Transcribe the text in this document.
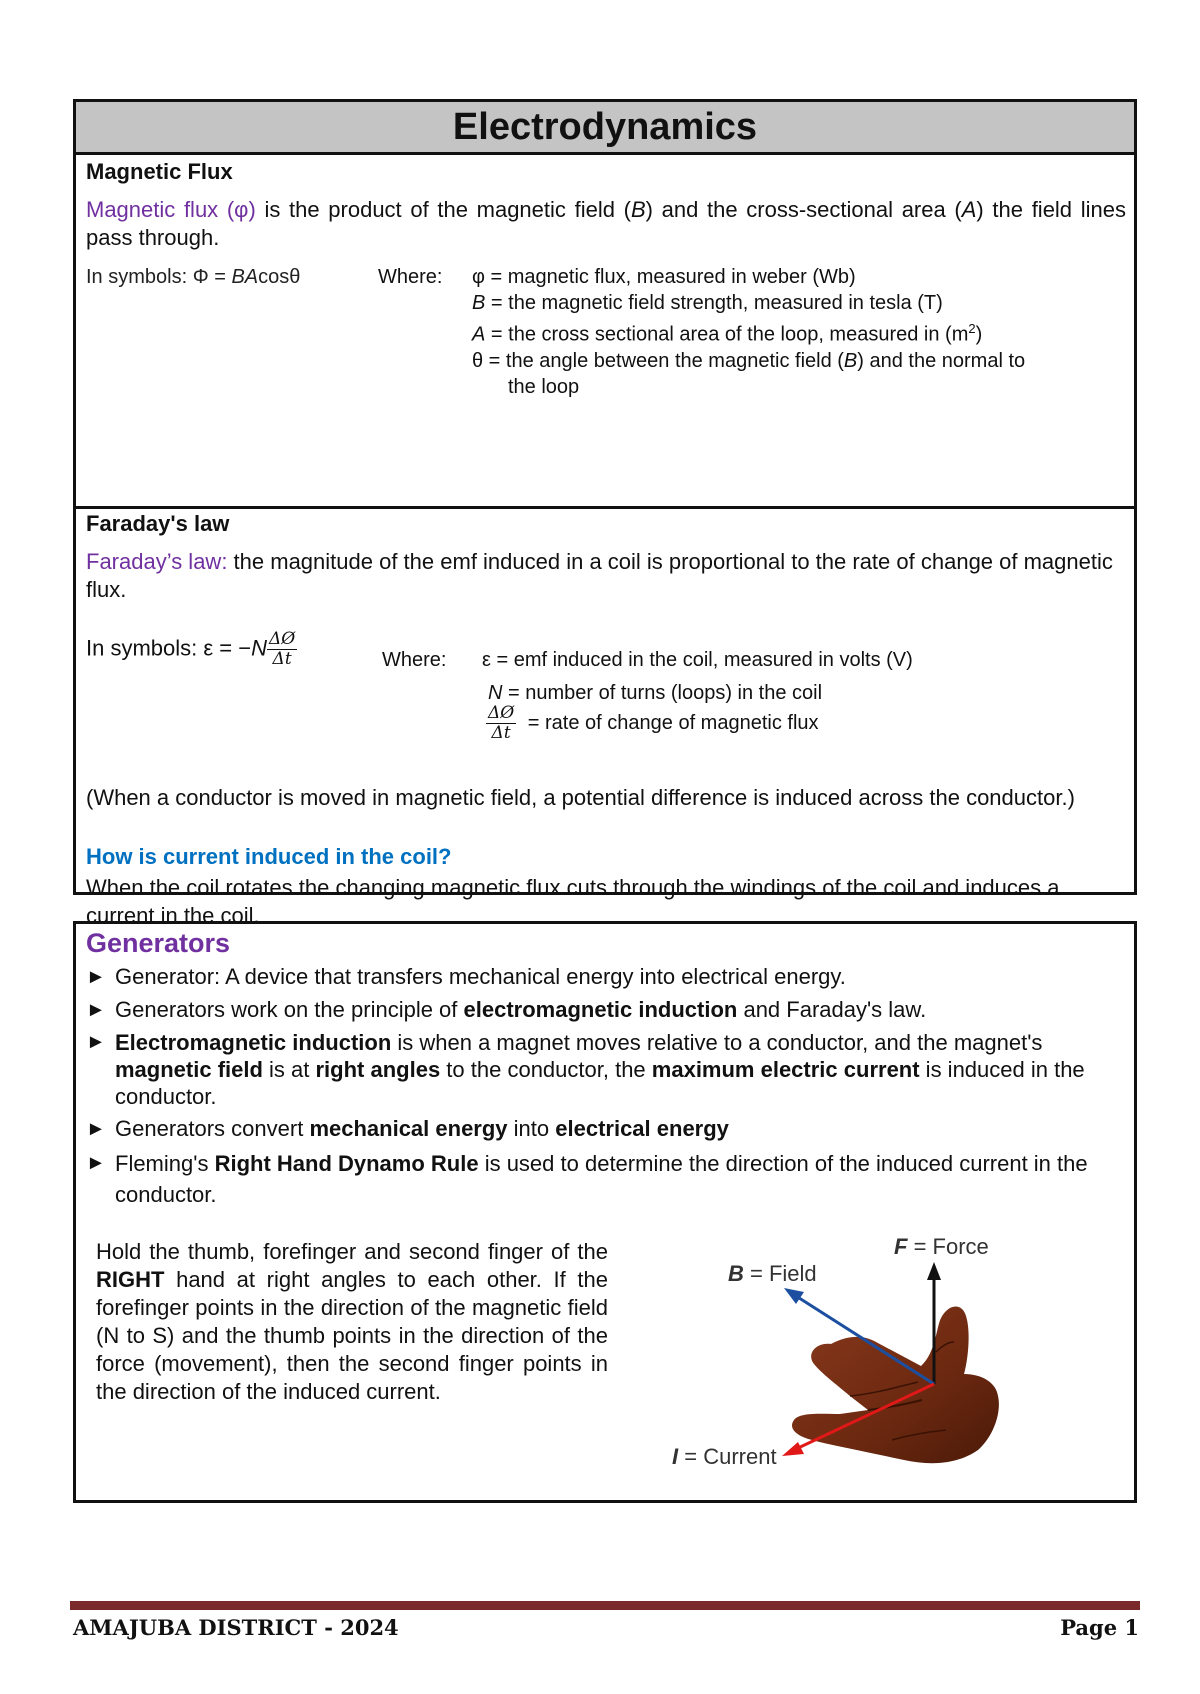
Electrodynamics
Magnetic Flux
Magnetic flux (φ) is the product of the magnetic field (B) and the cross-sectional area (A) the field lines pass through.
In symbols: Φ = BAcosθ	Where: φ = magnetic flux, measured in weber (Wb)
B = the magnetic field strength, measured in tesla (T)
A = the cross sectional area of the loop, measured in $(m^2)$
θ = the angle between the magnetic field (B) and the normal to
the loop
Faraday's law
Faraday’s law: the magnitude of the emf induced in a coil is proportional to the rate of change of magnetic flux.
In symbols: $\varepsilon = -N \frac{\Delta Ø}{\Delta t}$	Where: ε = emf induced in the coil, measured in volts (V)
N = number of turns (loops) in the coil
$\frac{\Delta Ø}{\Delta t}$ = rate of change of magnetic flux
(When a conductor is moved in magnetic field, a potential difference is induced across the conductor.)
How is current induced in the coil?
When the coil rotates the changing magnetic flux cuts through the windings of the coil and induces a current in the coil.
Generators
► Generator: A device that transfers mechanical energy into electrical energy.
► Generators work on the principle of electromagnetic induction and Faraday's law.
► Electromagnetic induction is when a magnet moves relative to a conductor, and the magnet's magnetic field is at right angles to the conductor, the maximum electric current is induced in the conductor.
► Generators convert mechanical energy into electrical energy
► Fleming's Right Hand Dynamo Rule is used to determine the direction of the induced current in the conductor.
Hold the thumb, forefinger and second finger of the RIGHT hand at right angles to each other. If the forefinger points in the direction of the magnetic field (N to S) and the thumb points in the direction of the force (movement), then the second finger points in the direction of the induced current.
F = Force
B = Field
I = Current
AMAJUBA DISTRICT - 2024	Page 1
